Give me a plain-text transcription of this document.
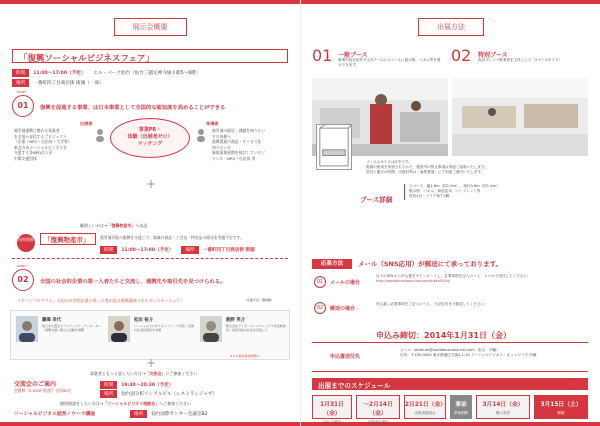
展示会概要
「復興ソーシャルビジネスフェア」
時間	11:00〜17:00（予定） エル・パーク仙台（仙台三越定禅寺通り館5〜6階）
場所	一番町四丁目商店街 街頭（一部）
POINT
01	復興を促進する事業、は日本事業として全国的な認知度を高めることができる
出展者	来場者
事業PR・
体験（出展者ゼロ）
マッチング
被災地復興に携わる事業者
を全国へ発信するプロジェクト
（企業・NPO・自治体・大学等）
東北の各ソーシャルビジネスを
支援する各NPO法人が
中間支援団体
被災地の現状・課題を知りたい
方の皆様へ
復興関連の商品・サービスを
知りたい方
新規事業展開を検討しているジ
ャンル・NPO・自治体 等
+
範囲しいかは→「復興物産市」へ出品
同時開催	「復興物産市」	震災被災地の復興を支援して、地域の商品・工芸品・特産品の販売を実施予定です。
時間	11:00〜17:00（予定）	場所	一番町四丁目商店街 街頭
POINT
02	全国の社会的企業の第一人者たちと交流し、連携先や取引先を見つけられる。
ステージプログラム：全国の社会的企業の第一人者が語る復興講演パネルディスカッション！	（出演予定・敬称略）
藤澤 幸代
東日本大震災ボランティアコーディネーター／復興支援に関わる活動を展開
松田 裕介
ソーシャルビジネスネットワーク代表／全国の社会起業家を支援
熊野 英介
株式会社アミタ・ホールディングス代表取締役／持続可能な社会を目指して
※その他出演者調整中
+
事業者ともっと話したい方は→「交流会」にご参加ください
交流会のご案内
会費制（2,000円程度）定員80名
時間	19:30〜20:30（予定）
場所	仙台国分町ソシアルビル（レストランジャザ）
個別相談をしたい方は→「ソーシャルビジネス相談会」へご参加ください
ソーシャルビジネス経営ノウハウ講座	場所	仙台国際センター会議室B2
出展方法
01 一般ブース
事業内容を紹介する3ブースのスペースに展示物、パネル等を展示できます。
02 特別ブース
仮設プレハブ事業者を主体として（2ブースサイズ）
ブースのサイズは目安です。
電源の使用を希望されるかた、施設内の禁止事項は別途ご説明いたします。
設営と撤去の時間、出展料等は「募集要項」にて別途ご案内いたします。
ブース詳細
スペース：幅1.8m（約2.0m）、奥行0.9m（約1.0m）
展示物：パネル、商品見本、パンフレット等
長机1台・パイプ椅子2脚
応募方法	メール（SNS応用）が郵送にて承っております。
01	メールの場合
以下のURLから申込書をダウンロードし、必要事項を記入のうえ、メールで送付してください。
http://socialbusiness-net.com/fukko2014/
02	郵送の場合
申込書に必要事項をご記入のうえ、下記住所まで郵送してください。
申込み締切：2014年1月31日（金）
申込書送付先
メール：sbforum@socialbusiness-net.com（担当：伊藤）
住所：〒100-0000 東京都港区芝浦2-1-13 ソーシャルビジネス・ネットワーク 伊藤
出展までのスケジュール
1月31日（金）
申込み締切
〜2月14日（金）
出展決定通知
2月21日（金）
出展者説明会
事前
準備期間
3月14日（金）
搬入設営
3月15日（土）
開催
